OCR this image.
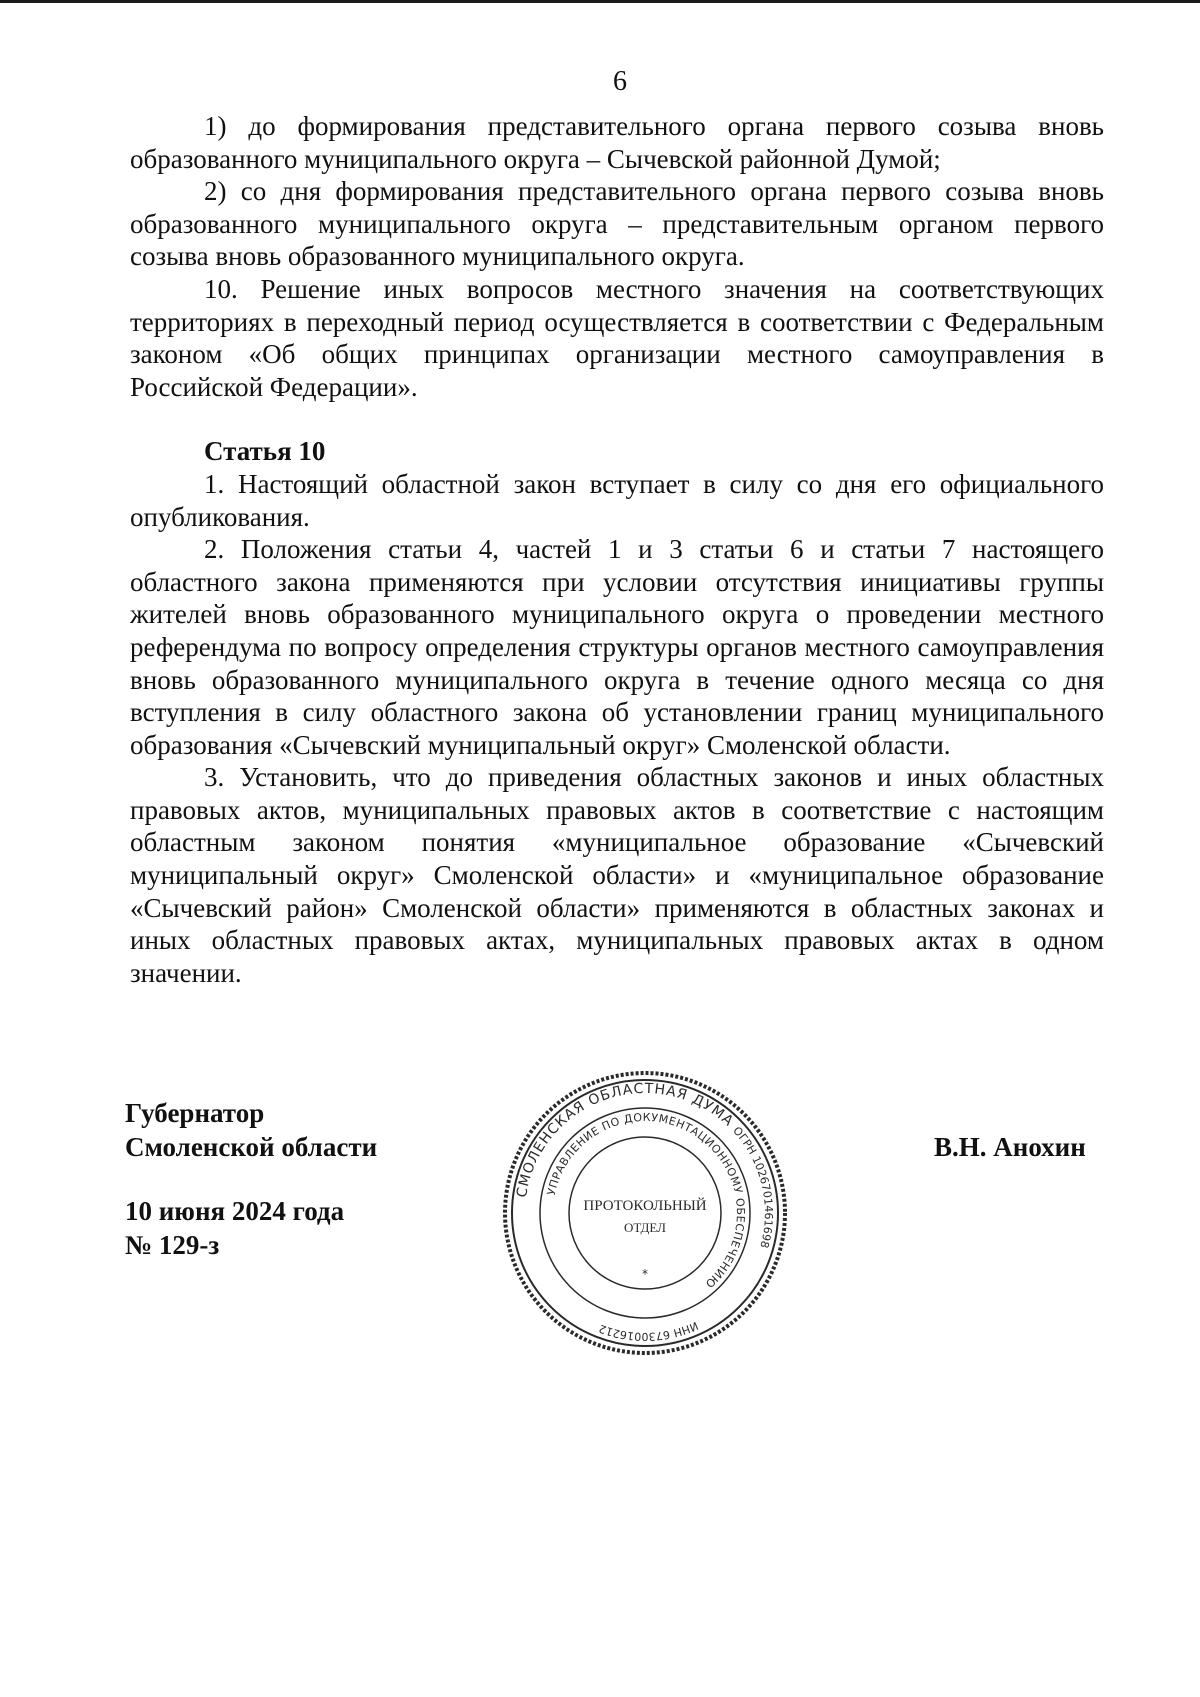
6

1) до формирования представительного органа первого созыва вновь образованного муниципального округа – Сычевской районной Думой;

2) со дня формирования представительного органа первого созыва вновь образованного муниципального округа – представительным органом первого созыва вновь образованного муниципального округа.

10. Решение иных вопросов местного значения на соответствующих территориях в переходный период осуществляется в соответствии с Федеральным законом «Об общих принципах организации местного самоуправления в Российской Федерации».

Статья 10

1. Настоящий областной закон вступает в силу со дня его официального опубликования.

2. Положения статьи 4, частей 1 и 3 статьи 6 и статьи 7 настоящего областного закона применяются при условии отсутствия инициативы группы жителей вновь образованного муниципального округа о проведении местного референдума по вопросу определения структуры органов местного самоуправления вновь образованного муниципального округа в течение одного месяца со дня вступления в силу областного закона об установлении границ муниципального образования «Сычевский муниципальный округ» Смоленской области.

3. Установить, что до приведения областных законов и иных областных правовых актов, муниципальных правовых актов в соответствие с настоящим областным законом понятия «муниципальное образование «Сычевский муниципальный округ» Смоленской области» и «муниципальное образование «Сычевский район» Смоленской области» применяются в областных законах и иных областных правовых актах, муниципальных правовых актах в одном значении.

Губернатор
Смоленской области
10 июня 2024 года
№ 129-з
В.Н. Анохин
СМОЛЕНСКАЯ ОБЛАСТНАЯ ДУМА
ОГРН 1026701461698
ИНН 6730016212
УПРАВЛЕНИЕ ПО ДОКУМЕНТАЦИОННОМУ ОБЕСПЕЧЕНИЮ
ПРОТОКОЛЬНЫЙ
ОТДЕЛ
*
